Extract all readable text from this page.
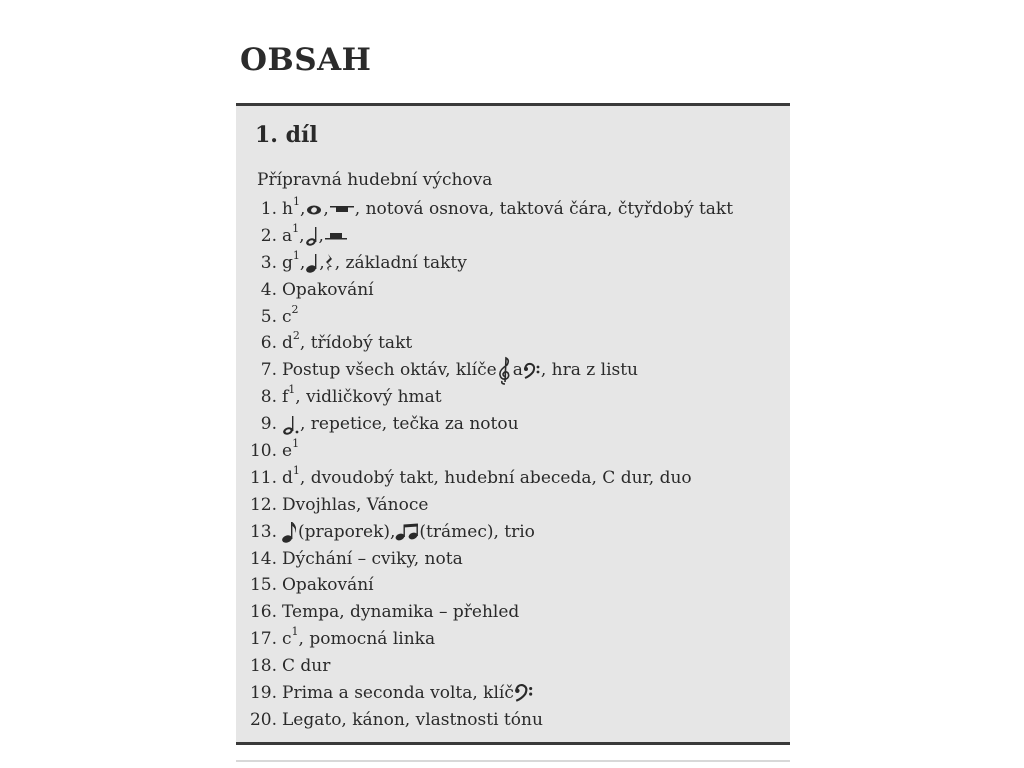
OBSAH
1. díl
Přípravná hudební výchova
1. h 1 , , , notová osnova, taktová čára, čtyřdobý takt
2. a 1 , ,
3. g 1 , , , základní takty
4. Opakování
5. c 2
6. d 2 , třídobý takt
7. Postup všech oktáv, klíče a , hra z listu
8. f 1 , vidličkový hmat
9. , repetice, tečka za notou
10. e 1
11. d 1 , dvoudobý takt, hudební abeceda, C dur, duo
12. Dvojhlas, Vánoce
13. (praporek), (trámec), trio
14. Dýchání – cviky, nota
15. Opakování
16. Tempa, dynamika – přehled
17. c 1 , pomocná linka
18. C dur
19. Prima a seconda volta, klíč
20. Legato, kánon, vlastnosti tónu
